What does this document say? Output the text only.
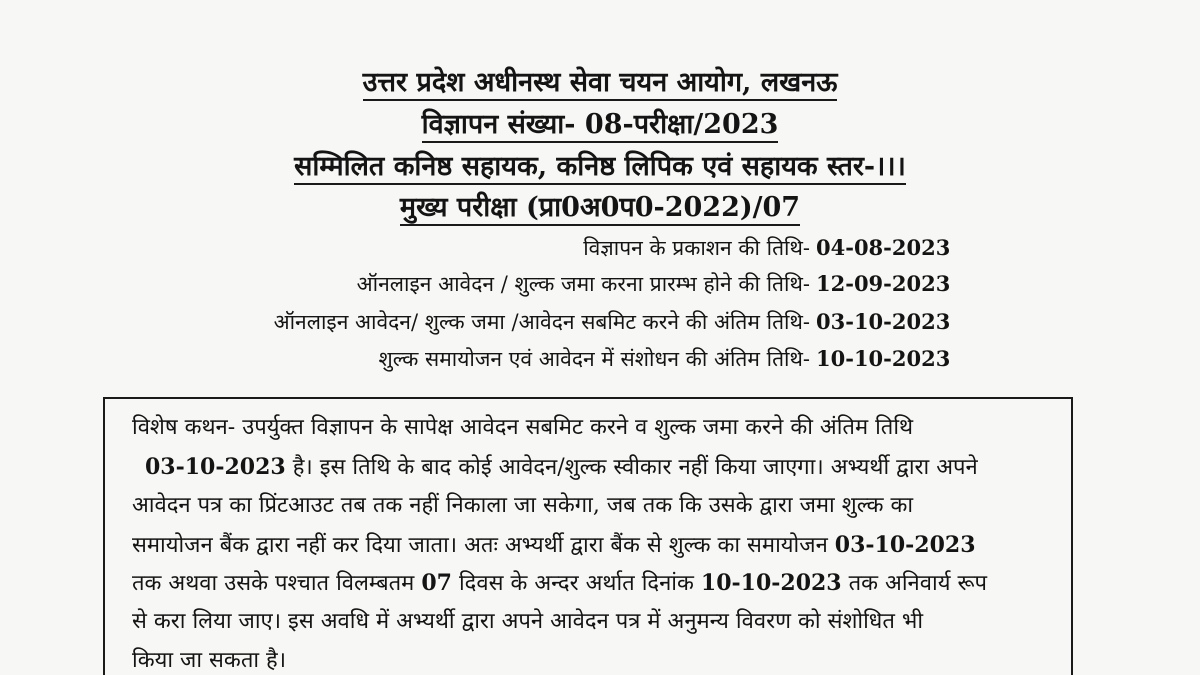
उत्तर प्रदेश अधीनस्थ सेवा चयन आयोग, लखनऊ
विज्ञापन संख्या- 08-परीक्षा/2023
सम्मिलित कनिष्ठ सहायक, कनिष्ठ लिपिक एवं सहायक स्तर-।।।
मुख्य परीक्षा (प्रा0अ0प0-2022)/07
विज्ञापन के प्रकाशन की तिथि- 04-08-2023
ऑनलाइन आवेदन / शुल्क जमा करना प्रारम्भ होने की तिथि- 12-09-2023
ऑनलाइन आवेदन/ शुल्क जमा /आवेदन सबमिट करने की अंतिम तिथि- 03-10-2023
शुल्क समायोजन एवं आवेदन में संशोधन की अंतिम तिथि- 10-10-2023
विशेष कथन- उपर्युक्त विज्ञापन के सापेक्ष आवेदन सबमिट करने व शुल्क जमा करने की अंतिम तिथि
03-10-2023 है। इस तिथि के बाद कोई आवेदन/शुल्क स्वीकार नहीं किया जाएगा। अभ्यर्थी द्वारा अपने
आवेदन पत्र का प्रिंटआउट तब तक नहीं निकाला जा सकेगा, जब तक कि उसके द्वारा जमा शुल्क का
समायोजन बैंक द्वारा नहीं कर दिया जाता। अतः अभ्यर्थी द्वारा बैंक से शुल्क का समायोजन 03-10-2023
तक अथवा उसके पश्चात विलम्बतम 07 दिवस के अन्दर अर्थात दिनांक 10-10-2023 तक अनिवार्य रूप
से करा लिया जाए। इस अवधि में अभ्यर्थी द्वारा अपने आवेदन पत्र में अनुमन्य विवरण को संशोधित भी
किया जा सकता है।
